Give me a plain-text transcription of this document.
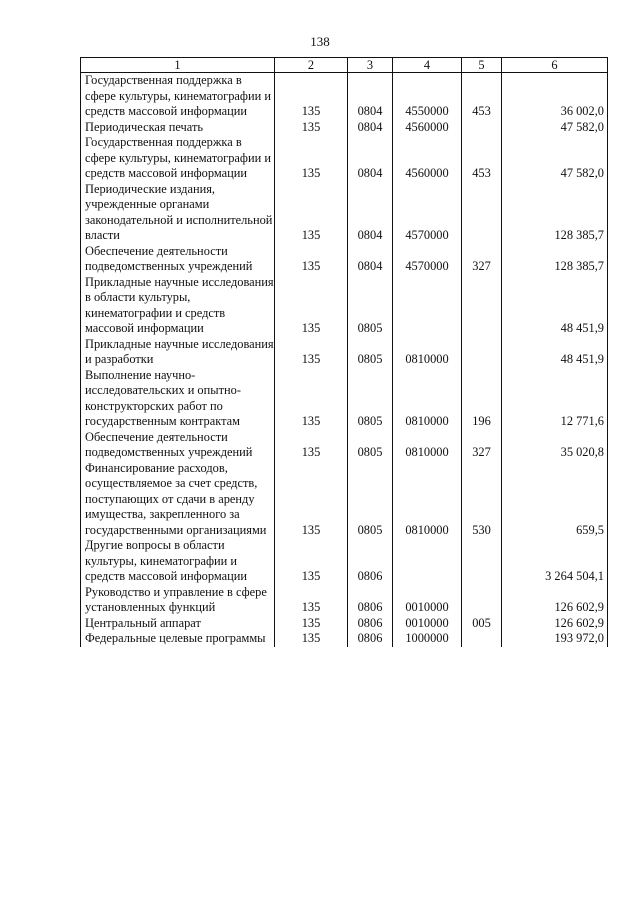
138
1	2	3	4	5	6
Государственная поддержка в сфере культуры, кинематографии и средств массовой информации	135	0804	4550000	453	36 002,0
Периодическая печать	135	0804	4560000		47 582,0
Государственная поддержка в сфере культуры, кинематографии и средств массовой информации	135	0804	4560000	453	47 582,0
Периодические издания, учрежденные органами законодательной и исполнительной власти	135	0804	4570000		128 385,7
Обеспечение деятельности подведомственных учреждений	135	0804	4570000	327	128 385,7
Прикладные научные исследования в области культуры, кинематографии и средств массовой информации	135	0805			48 451,9
Прикладные научные исследования и разработки	135	0805	0810000		48 451,9
Выполнение научно-исследовательских и опытно-конструкторских работ по государственным контрактам	135	0805	0810000	196	12 771,6
Обеспечение деятельности подведомственных учреждений	135	0805	0810000	327	35 020,8
Финансирование расходов, осуществляемое за счет средств, поступающих от сдачи в аренду имущества, закрепленного за государственными организациями	135	0805	0810000	530	659,5
Другие вопросы в области культуры, кинематографии и средств массовой информации	135	0806			3 264 504,1
Руководство и управление в сфере установленных функций	135	0806	0010000		126 602,9
Центральный аппарат	135	0806	0010000	005	126 602,9
Федеральные целевые программы	135	0806	1000000		193 972,0
